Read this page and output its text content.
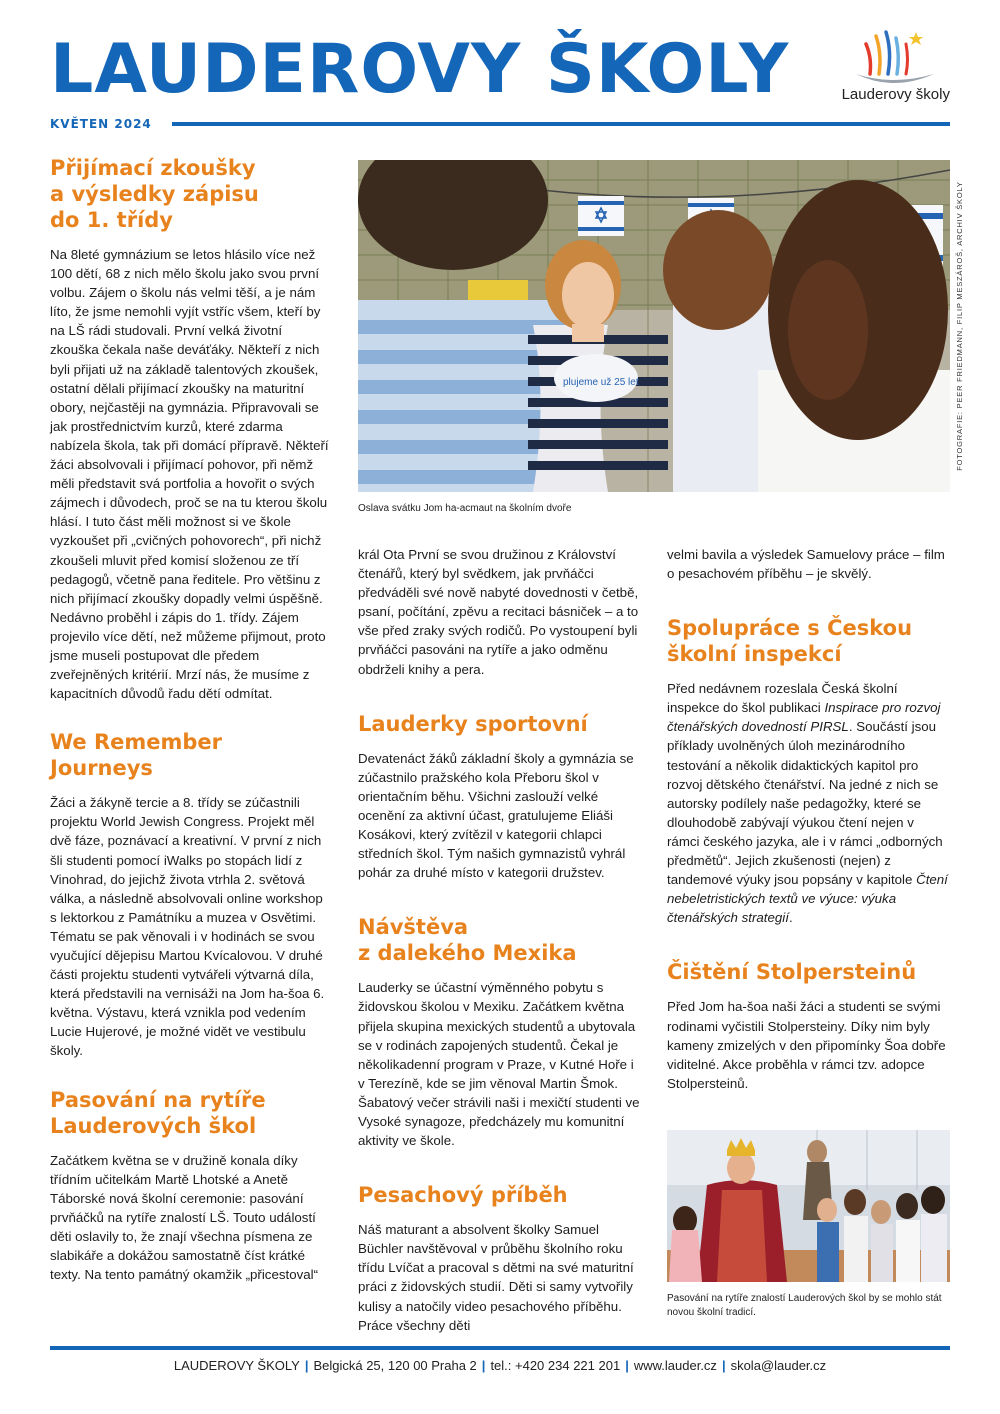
LAUDEROVY ŠKOLY	Lauderovy školy
KVĚTEN 2024
Přijímací zkoušky
a výsledky zápisu
do 1. třídy

Na 8leté gymnázium se letos hlásilo více než 100 dětí, 68 z nich mělo školu jako svou první volbu. Zájem o školu nás velmi těší, a je nám líto, že jsme nemohli vyjít vstříc všem, kteří by na LŠ rádi studovali. První velká životní zkouška čekala naše deváťáky. Někteří z nich byli přijati už na základě talentových zkoušek, ostatní dělali přijímací zkoušky na maturitní obory, nejčastěji na gymnázia. Připravovali se jak prostřednictvím kurzů, které zdarma nabízela škola, tak při domácí přípravě. Někteří žáci absolvovali i přijímací pohovor, při němž měli představit svá portfolia a hovořit o svých zájmech i důvodech, proč se na tu kterou školu hlásí. I tuto část měli možnost si ve škole vyzkoušet při „cvičných pohovorech“, při nichž zkoušeli mluvit před komisí složenou ze tří pedagogů, včetně pana ředitele. Pro většinu z nich přijímací zkoušky dopadly velmi úspěšně. Nedávno proběhl i zápis do 1. třídy. Zájem projevilo více dětí, než můžeme přijmout, proto jsme museli postupovat dle předem zveřejněných kritérií. Mrzí nás, že musíme z kapacitních důvodů řadu dětí odmítat.

We Remember Journeys

Žáci a žákyně tercie a 8. třídy se zúčastnili projektu World Jewish Congress. Projekt měl dvě fáze, poznávací a kreativní. V první z nich šli studenti pomocí iWalks po stopách lidí z Vinohrad, do jejichž života vtrhla 2. světová válka, a následně absolvovali online workshop s lektorkou z Památníku a muzea v Osvětimi. Tématu se pak věnovali i v hodinách se svou vyučující dějepisu Martou Kvícalovou. V druhé části projektu studenti vytvářeli výtvarná díla, která představili na vernisáži na Jom ha-šoa 6. května. Výstavu, která vznikla pod vedením Lucie Hujerové, je možné vidět ve vestibulu školy.

Pasování na rytíře
Lauderových škol

Začátkem května se v družině konala díky třídním učitelkám Martě Lhotské a Anetě Táborské nová školní ceremonie: pasování prvňáčků na rytíře znalostí LŠ. Touto událostí děti oslavily to, že znají všechna písmena ze slabikáře a dokážou samostatně číst krátké texty. Na tento památný okamžik „přicestoval“

plujeme už 25 let	FOTOGRAFIE: PEER FRIEDMANN, FILIP MESZÁROŠ, ARCHIV ŠKOLY
Oslava svátku Jom ha-acmaut na školním dvoře

král Ota První se svou družinou z Království čtenářů, který byl svědkem, jak prvňáčci předváděli své nově nabyté dovednosti v četbě, psaní, počítání, zpěvu a recitaci básniček – a to vše před zraky svých rodičů. Po vystoupení byli prvňáčci pasováni na rytíře a jako odměnu obdrželi knihy a pera.

Lauderky sportovní

Devatenáct žáků základní školy a gymnázia se zúčastnilo pražského kola Přeboru škol v orientačním běhu. Všichni zaslouží velké ocenění za aktivní účast, gratulujeme Eliáši Kosákovi, který zvítězil v kategorii chlapci středních škol. Tým našich gymnazistů vyhrál pohár za druhé místo v kategorii družstev.

Návštěva
z dalekého Mexika

Lauderky se účastní výměnného pobytu s židovskou školou v Mexiku. Začátkem května přijela skupina mexických studentů a ubytovala se v rodinách zapojených studentů. Čekal je několikadenní program v Praze, v Kutné Hoře i v Terezíně, kde se jim věnoval Martin Šmok. Šabatový večer strávili naši i mexičtí studenti ve Vysoké synagoze, předcházely mu komunitní aktivity ve škole.

Pesachový příběh

Náš maturant a absolvent školky Samuel Büchler navštěvoval v průběhu školního roku třídu Lvíčat a pracoval s dětmi na své maturitní práci z židovských studií. Děti si samy vytvořily kulisy a natočily video pesachového příběhu. Práce všechny děti

velmi bavila a výsledek Samuelovy práce – film o pesachovém příběhu – je skvělý.

Spolupráce s Českou
školní inspekcí

Před nedávnem rozeslala Česká školní inspekce do škol publikaci Inspirace pro rozvoj čtenářských dovedností PIRSL. Součástí jsou příklady uvolněných úloh mezinárodního testování a několik didaktických kapitol pro rozvoj dětského čtenářství. Na jedné z nich se autorsky podílely naše pedagožky, které se dlouhodobě zabývají výukou čtení nejen v rámci českého jazyka, ale i v rámci „odborných předmětů“. Jejich zkušenosti (nejen) z tandemové výuky jsou popsány v kapitole Čtení nebeletristických textů ve výuce: výuka čtenářských strategií.

Čištění Stolpersteinů

Před Jom ha-šoa naši žáci a studenti se svými rodinami vyčistili Stolpersteiny. Díky nim byly kameny zmizelých v den připomínky Šoa dobře viditelné. Akce proběhla v rámci tzv. adopce Stolpersteinů.

Pasování na rytíře znalostí Lauderových škol by se mohlo stát novou školní tradicí.
LAUDEROVY ŠKOLY | Belgická 25, 120 00 Praha 2 | tel.: +420 234 221 201 | www.lauder.cz | skola@lauder.cz
